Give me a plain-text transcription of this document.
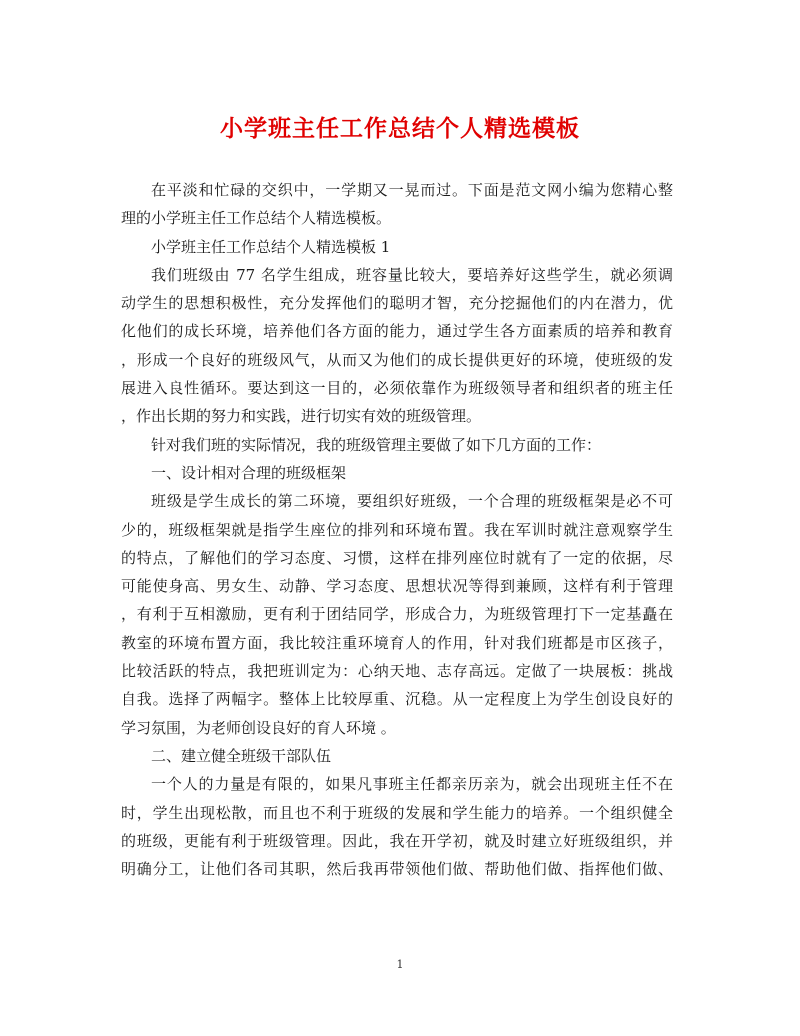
小学班主任工作总结个人精选模板
在平淡和忙碌的交织中，一学期又一晃而过。下面是范文网小编为您精心整
理的小学班主任工作总结个人精选模板。
小学班主任工作总结个人精选模板 1
我们班级由 77 名学生组成，班容量比较大，要培养好这些学生，就必须调
动学生的思想积极性，充分发挥他们的聪明才智，充分挖掘他们的内在潜力，优
化他们的成长环境，培养他们各方面的能力，通过学生各方面素质的培养和教育
，形成一个良好的班级风气，从而又为他们的成长提供更好的环境，使班级的发
展进入良性循环。要达到这一目的，必须依靠作为班级领导者和组织者的班主任
，作出长期的努力和实践，进行切实有效的班级管理。
针对我们班的实际情况，我的班级管理主要做了如下几方面的工作：
一、设计相对合理的班级框架
班级是学生成长的第二环境，要组织好班级，一个合理的班级框架是必不可
少的，班级框架就是指学生座位的排列和环境布置。我在军训时就注意观察学生
的特点，了解他们的学习态度、习惯，这样在排列座位时就有了一定的依据，尽
可能使身高、男女生、动静、学习态度、思想状况等得到兼顾，这样有利于管理
，有利于互相激励，更有利于团结同学，形成合力，为班级管理打下一定基矗在
教室的环境布置方面，我比较注重环境育人的作用，针对我们班都是市区孩子，
比较活跃的特点，我把班训定为：心纳天地、志存高远。定做了一块展板：挑战
自我。选择了两幅字。整体上比较厚重、沉稳。从一定程度上为学生创设良好的
学习氛围，为老师创设良好的育人环境 。
二、建立健全班级干部队伍
一个人的力量是有限的，如果凡事班主任都亲历亲为，就会出现班主任不在
时，学生出现松散，而且也不利于班级的发展和学生能力的培养。一个组织健全
的班级，更能有利于班级管理。因此，我在开学初，就及时建立好班级组织，并
明确分工，让他们各司其职，然后我再带领他们做、帮助他们做、指挥他们做、
1
